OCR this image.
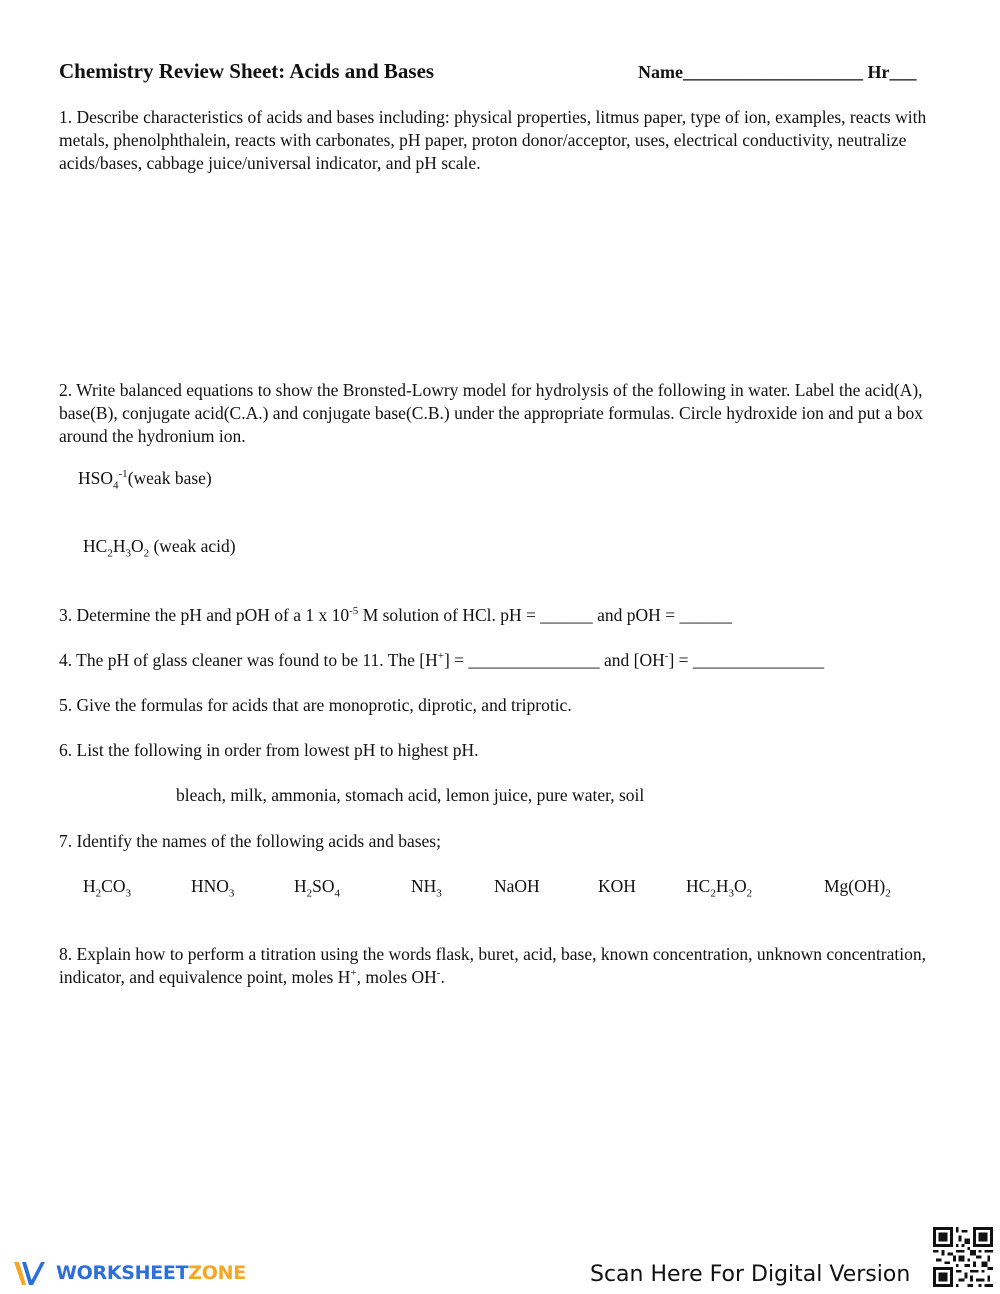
Chemistry Review Sheet: Acids and Bases	Name____________________ Hr___
1. Describe characteristics of acids and bases including: physical properties, litmus paper, type of ion, examples, reacts with metals, phenolphthalein, reacts with carbonates, pH paper, proton donor/acceptor, uses, electrical conductivity, neutralize acids/bases, cabbage juice/universal indicator, and pH scale.
2. Write balanced equations to show the Bronsted-Lowry model for hydrolysis of the following in water. Label the acid(A), base(B), conjugate acid(C.A.) and conjugate base(C.B.) under the appropriate formulas. Circle hydroxide ion and put a box around the hydronium ion.
$HSO_4^{-1}(weak$ base)
$HC_2H_3O_2$ (weak acid)
3. Determine the pH and pOH of a 1 x $10^{-5}$ M solution of HCl. pH = ______ and pOH = ______
4. The pH of glass cleaner was found to be 11. The [H+] = _______________ and [OH-] = _______________
5. Give the formulas for acids that are monoprotic, diprotic, and triprotic.
6. List the following in order from lowest pH to highest pH.
bleach, milk, ammonia, stomach acid, lemon juice, pure water, soil
7. Identify the names of the following acids and bases;
$H_2CO_3$	$HNO_3$	$H_2SO_4$	$NH_3$	NaOH	KOH	$HC_2H_3O_2$	$Mg(OH)_2$
8. Explain how to perform a titration using the words flask, buret, acid, base, known concentration, unknown concentration, indicator, and equivalence point, moles H+, moles OH-.
WORKSHEETZONE	Scan Here For Digital Version
